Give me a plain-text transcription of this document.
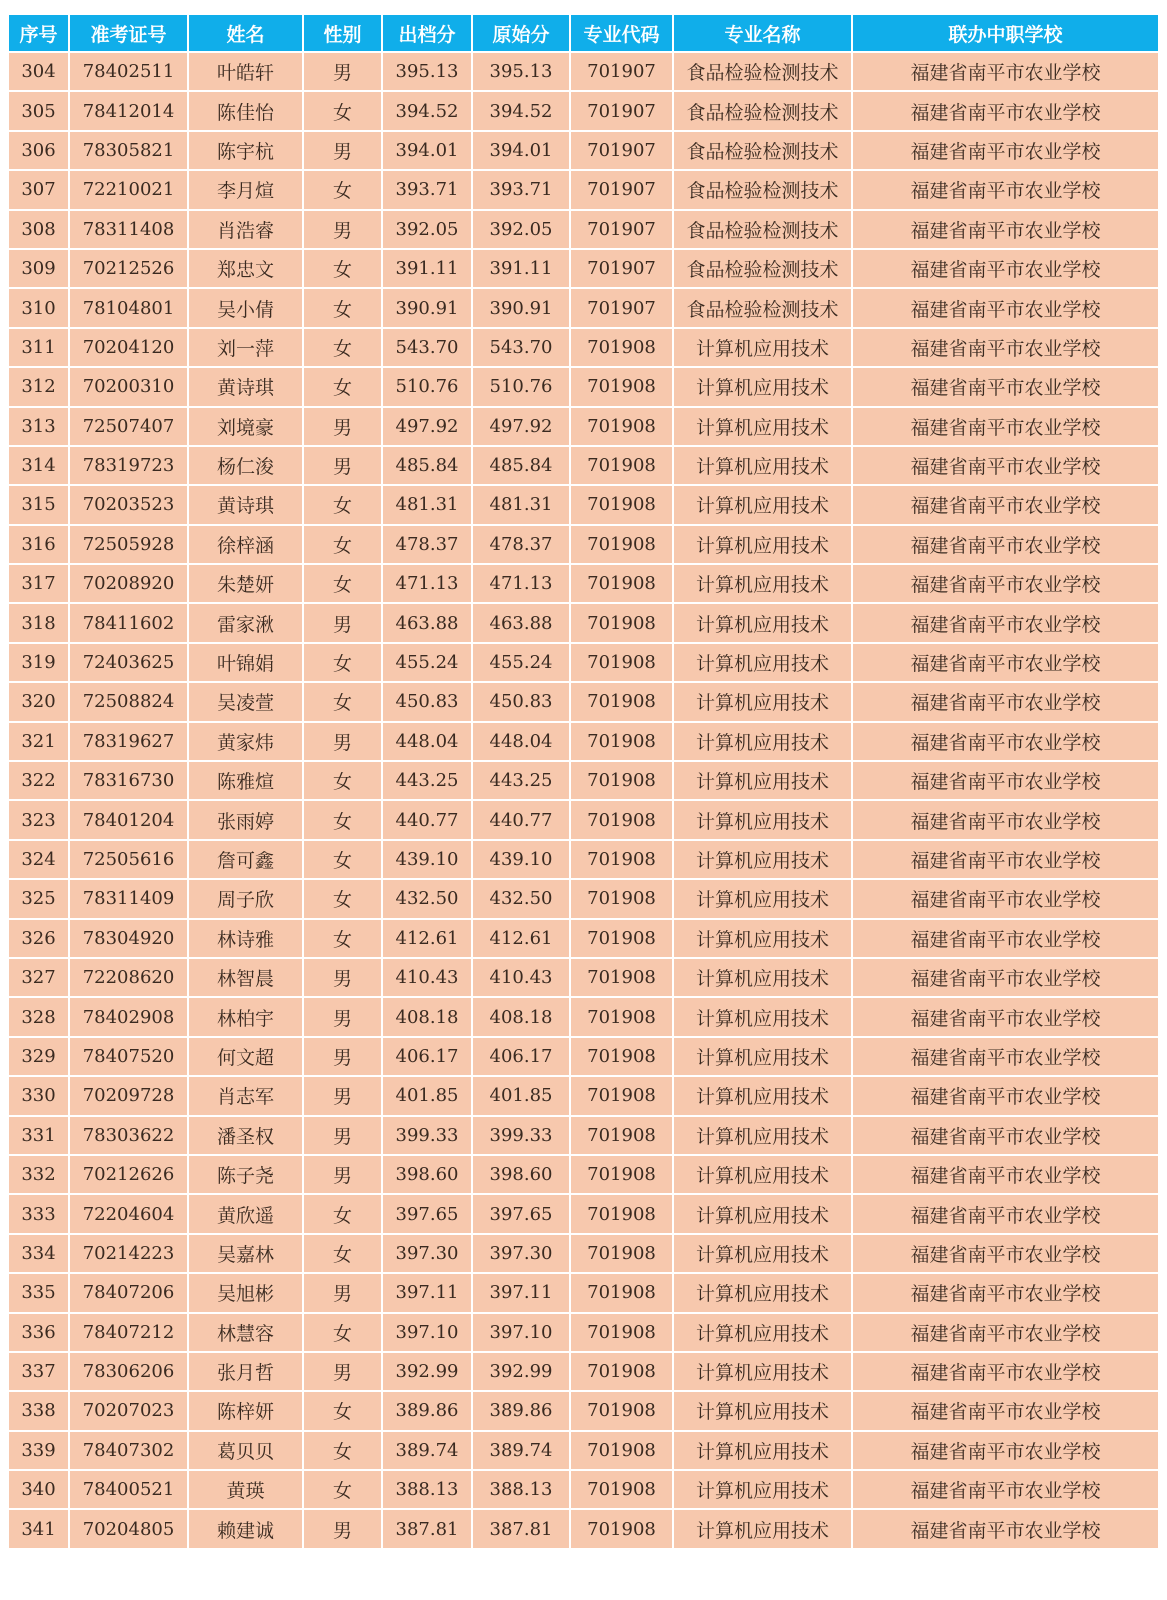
序号	准考证号	姓名	性别	出档分	原始分	专业代码	专业名称	联办中职学校
304	78402511	叶皓轩	男	395.13	395.13	701907	食品检验检测技术	福建省南平市农业学校
305	78412014	陈佳怡	女	394.52	394.52	701907	食品检验检测技术	福建省南平市农业学校
306	78305821	陈宇杭	男	394.01	394.01	701907	食品检验检测技术	福建省南平市农业学校
307	72210021	李月煊	女	393.71	393.71	701907	食品检验检测技术	福建省南平市农业学校
308	78311408	肖浩睿	男	392.05	392.05	701907	食品检验检测技术	福建省南平市农业学校
309	70212526	郑忠文	女	391.11	391.11	701907	食品检验检测技术	福建省南平市农业学校
310	78104801	吴小倩	女	390.91	390.91	701907	食品检验检测技术	福建省南平市农业学校
311	70204120	刘一萍	女	543.70	543.70	701908	计算机应用技术	福建省南平市农业学校
312	70200310	黄诗琪	女	510.76	510.76	701908	计算机应用技术	福建省南平市农业学校
313	72507407	刘境豪	男	497.92	497.92	701908	计算机应用技术	福建省南平市农业学校
314	78319723	杨仁浚	男	485.84	485.84	701908	计算机应用技术	福建省南平市农业学校
315	70203523	黄诗琪	女	481.31	481.31	701908	计算机应用技术	福建省南平市农业学校
316	72505928	徐梓涵	女	478.37	478.37	701908	计算机应用技术	福建省南平市农业学校
317	70208920	朱楚妍	女	471.13	471.13	701908	计算机应用技术	福建省南平市农业学校
318	78411602	雷家湫	男	463.88	463.88	701908	计算机应用技术	福建省南平市农业学校
319	72403625	叶锦娟	女	455.24	455.24	701908	计算机应用技术	福建省南平市农业学校
320	72508824	吴凌萱	女	450.83	450.83	701908	计算机应用技术	福建省南平市农业学校
321	78319627	黄家炜	男	448.04	448.04	701908	计算机应用技术	福建省南平市农业学校
322	78316730	陈雅煊	女	443.25	443.25	701908	计算机应用技术	福建省南平市农业学校
323	78401204	张雨婷	女	440.77	440.77	701908	计算机应用技术	福建省南平市农业学校
324	72505616	詹可鑫	女	439.10	439.10	701908	计算机应用技术	福建省南平市农业学校
325	78311409	周子欣	女	432.50	432.50	701908	计算机应用技术	福建省南平市农业学校
326	78304920	林诗雅	女	412.61	412.61	701908	计算机应用技术	福建省南平市农业学校
327	72208620	林智晨	男	410.43	410.43	701908	计算机应用技术	福建省南平市农业学校
328	78402908	林柏宇	男	408.18	408.18	701908	计算机应用技术	福建省南平市农业学校
329	78407520	何文超	男	406.17	406.17	701908	计算机应用技术	福建省南平市农业学校
330	70209728	肖志军	男	401.85	401.85	701908	计算机应用技术	福建省南平市农业学校
331	78303622	潘圣权	男	399.33	399.33	701908	计算机应用技术	福建省南平市农业学校
332	70212626	陈子尧	男	398.60	398.60	701908	计算机应用技术	福建省南平市农业学校
333	72204604	黄欣遥	女	397.65	397.65	701908	计算机应用技术	福建省南平市农业学校
334	70214223	吴嘉林	女	397.30	397.30	701908	计算机应用技术	福建省南平市农业学校
335	78407206	吴旭彬	男	397.11	397.11	701908	计算机应用技术	福建省南平市农业学校
336	78407212	林慧容	女	397.10	397.10	701908	计算机应用技术	福建省南平市农业学校
337	78306206	张月哲	男	392.99	392.99	701908	计算机应用技术	福建省南平市农业学校
338	70207023	陈梓妍	女	389.86	389.86	701908	计算机应用技术	福建省南平市农业学校
339	78407302	葛贝贝	女	389.74	389.74	701908	计算机应用技术	福建省南平市农业学校
340	78400521	黄瑛	女	388.13	388.13	701908	计算机应用技术	福建省南平市农业学校
341	70204805	赖建诚	男	387.81	387.81	701908	计算机应用技术	福建省南平市农业学校
